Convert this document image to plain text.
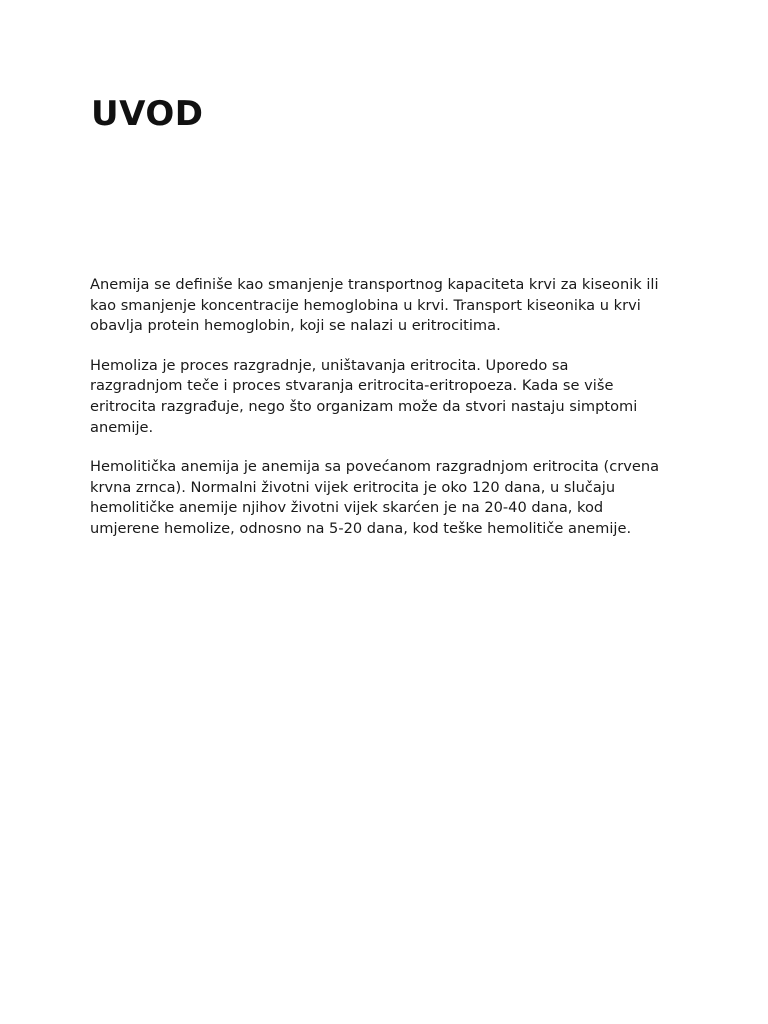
UVOD

Anemija se definiše kao smanjenje transportnog kapaciteta krvi za kiseonik ili
kao smanjenje koncentracije hemoglobina u krvi. Transport kiseonika u krvi
obavlja protein hemoglobin, koji se nalazi u eritrocitima.

Hemoliza je proces razgradnje, uništavanja eritrocita. Uporedo sa
razgradnjom teče i proces stvaranja eritrocita-eritropoeza. Kada se više
eritrocita razgrađuje, nego što organizam može da stvori nastaju simptomi
anemije.

Hemolitička anemija je anemija sa povećanom razgradnjom eritrocita (crvena
krvna zrnca). Normalni životni vijek eritrocita je oko 120 dana, u slučaju
hemolitičke anemije njihov životni vijek skarćen je na 20-40 dana, kod
umjerene hemolize, odnosno na 5-20 dana, kod teške hemolitiče anemije.
